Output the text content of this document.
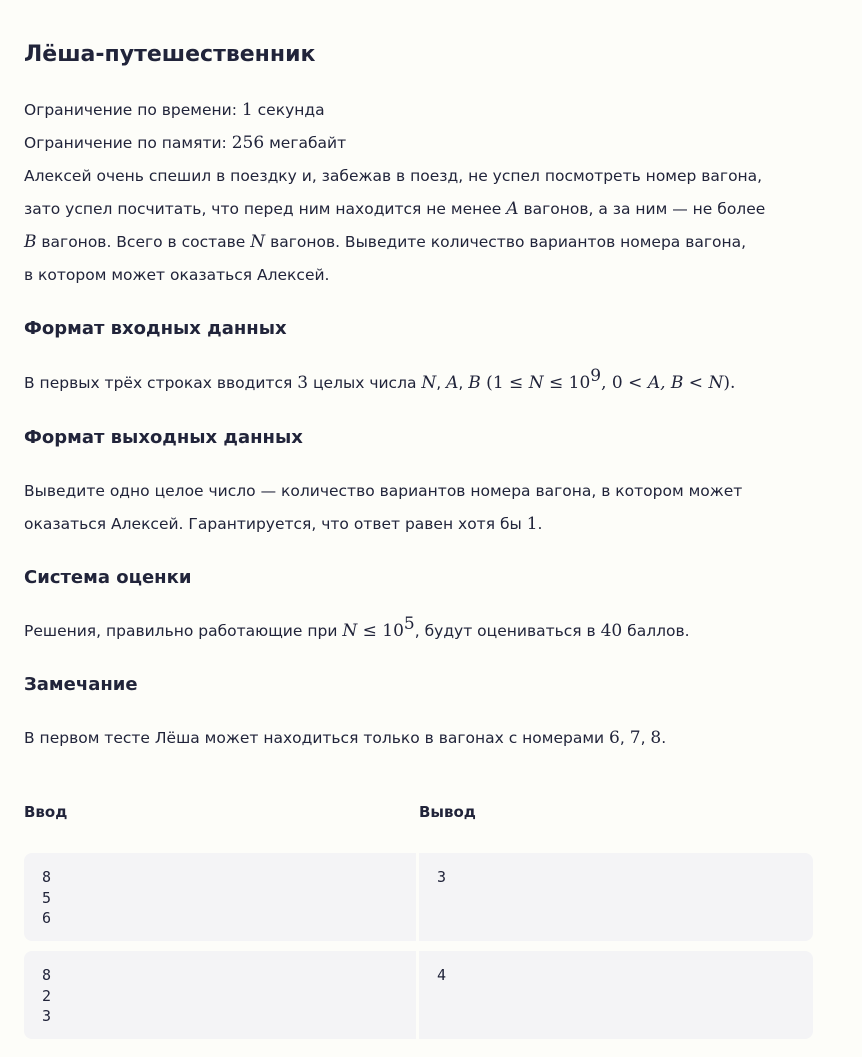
Лёша-путешественник
Ограничение по времени: 1 секунда
Ограничение по памяти: 256 мегабайт
Алексей очень спешил в поездку и, забежав в поезд, не успел посмотреть номер вагона,
зато успел посчитать, что перед ним находится не менее A вагонов, а за ним — не более
B вагонов. Всего в составе N вагонов. Выведите количество вариантов номера вагона,
в котором может оказаться Алексей.
Формат входных данных
В первых трёх строках вводится 3 целых числа N, A, B ($1 \le N \le 10^9$, 0 < A, B < N).
Формат выходных данных
Выведите одно целое число — количество вариантов номера вагона, в котором может
оказаться Алексей. Гарантируется, что ответ равен хотя бы 1.
Система оценки
Решения, правильно работающие при $N \le 10^5$, будут оцениваться в 40 баллов.
Замечание
В первом тесте Лёша может находиться только в вагонах с номерами 6, 7, 8.
Ввод	Вывод
8
5
6
3
8
2
3
4
